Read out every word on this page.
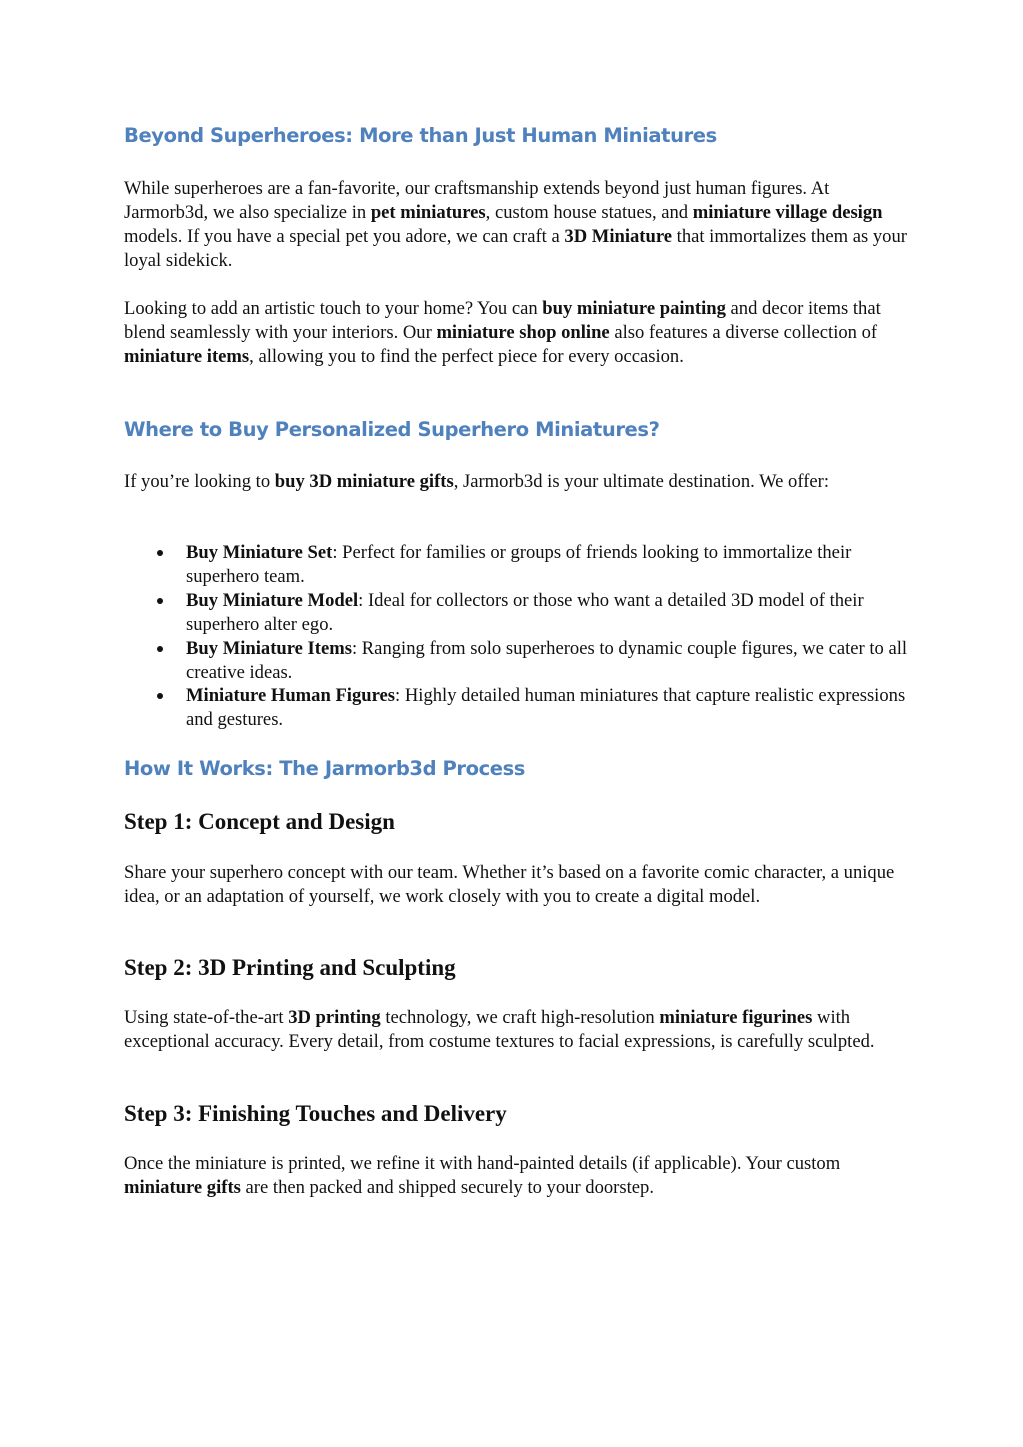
Beyond Superheroes: More than Just Human Miniatures

While superheroes are a fan-favorite, our craftsmanship extends beyond just human figures. At Jarmorb3d, we also specialize in pet miniatures, custom house statues, and miniature village design models. If you have a special pet you adore, we can craft a 3D Miniature that immortalizes them as your loyal sidekick.

Looking to add an artistic touch to your home? You can buy miniature painting and decor items that blend seamlessly with your interiors. Our miniature shop online also features a diverse collection of miniature items, allowing you to find the perfect piece for every occasion.

Where to Buy Personalized Superhero Miniatures?

If you’re looking to buy 3D miniature gifts, Jarmorb3d is your ultimate destination. We offer:

Buy Miniature Set: Perfect for families or groups of friends looking to immortalize their superhero team.
Buy Miniature Model: Ideal for collectors or those who want a detailed 3D model of their superhero alter ego.
Buy Miniature Items: Ranging from solo superheroes to dynamic couple figures, we cater to all creative ideas.
Miniature Human Figures: Highly detailed human miniatures that capture realistic expressions and gestures.
How It Works: The Jarmorb3d Process
Step 1: Concept and Design

Share your superhero concept with our team. Whether it’s based on a favorite comic character, a unique idea, or an adaptation of yourself, we work closely with you to create a digital model.

Step 2: 3D Printing and Sculpting

Using state-of-the-art 3D printing technology, we craft high-resolution miniature figurines with exceptional accuracy. Every detail, from costume textures to facial expressions, is carefully sculpted.

Step 3: Finishing Touches and Delivery

Once the miniature is printed, we refine it with hand-painted details (if applicable). Your custom miniature gifts are then packed and shipped securely to your doorstep.
